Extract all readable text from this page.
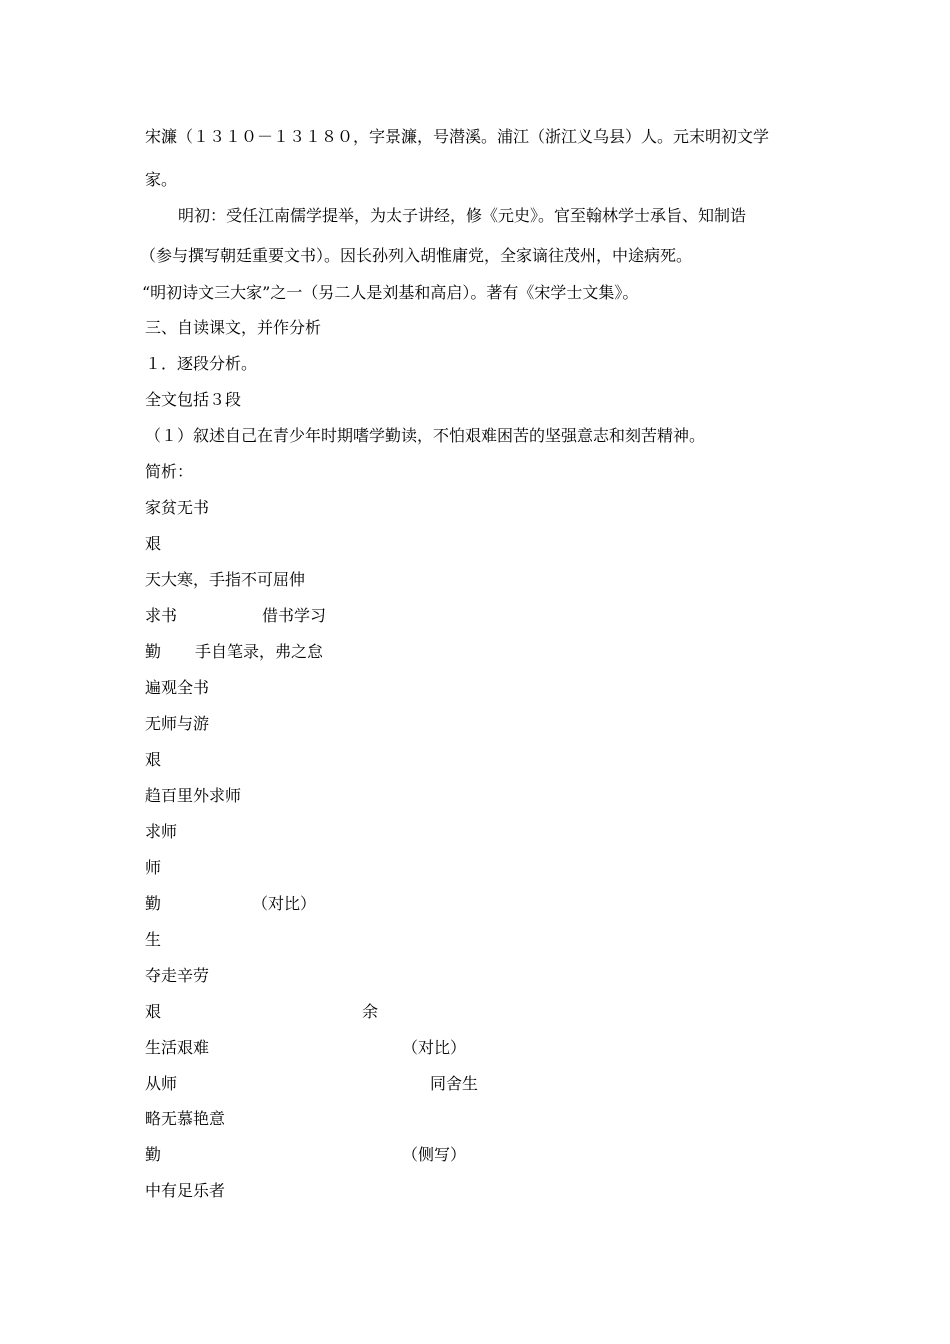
宋濂（１３１０－１３１８０，字景濂，号潜溪。浦江（浙江义乌县）人。元末明初文学
家。
明初：受任江南儒学提举，为太子讲经，修《元史》。官至翰林学士承旨、知制诰
（参与撰写朝廷重要文书）。因长孙列入胡惟庸党，全家谪往茂州，中途病死。
“明初诗文三大家”之一（另二人是刘基和高启）。著有《宋学士文集》。
三、自读课文，并作分析
１．逐段分析。
全文包括３段
（１）叙述自己在青少年时期嗜学勤读，不怕艰难困苦的坚强意志和刻苦精神。
简析：
家贫无书
艰
天大寒，手指不可屈伸
求书	借书学习
勤 手自笔录，弗之怠
遍观全书
无师与游
艰
趋百里外求师
求师
师
勤	（对比）
生
夺走辛劳
艰	余
生活艰难	（对比）
从师	同舍生
略无慕艳意
勤	（侧写）
中有足乐者
